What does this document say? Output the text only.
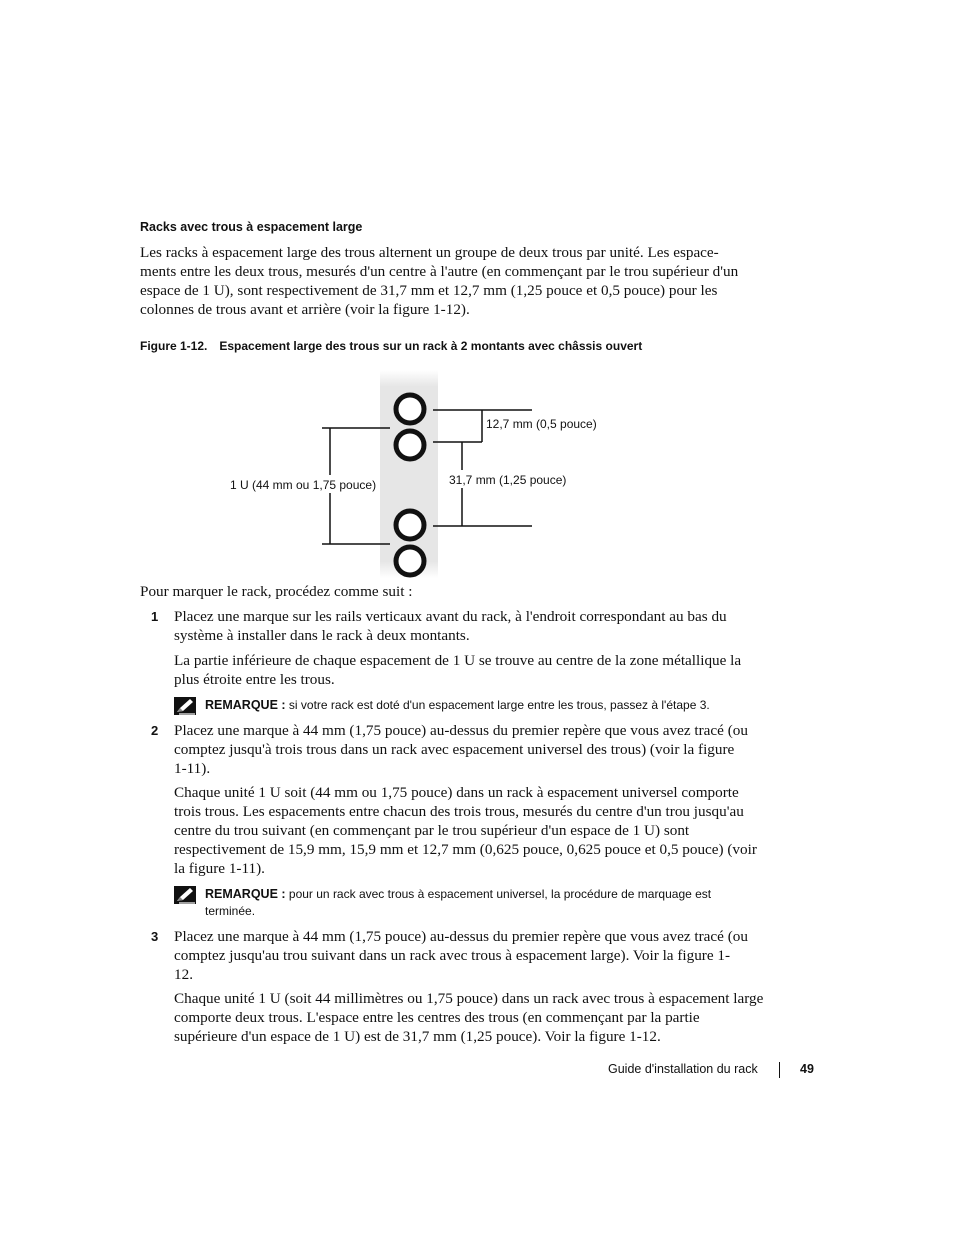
Racks avec trous à espacement large

Les racks à espacement large des trous alternent un groupe de deux trous par unité. Les espace-ments entre les deux trous, mesurés d'un centre à l'autre (en commençant par le trou supérieur d'un espace de 1 U), sont respectivement de 31,7 mm et 12,7 mm (1,25 pouce et 0,5 pouce) pour les colonnes de trous avant et arrière (voir la figure 1-12).

Figure 1-12. Espacement large des trous sur un rack à 2 montants avec châssis ouvert

12,7 mm (0,5 pouce)
31,7 mm (1,25 pouce)
1 U (44 mm ou 1,75 pouce)

Pour marquer le rack, procédez comme suit :

1 Placez une marque sur les rails verticaux avant du rack, à l'endroit correspondant au bas du système à installer dans le rack à deux montants.

La partie inférieure de chaque espacement de 1 U se trouve au centre de la zone métallique la plus étroite entre les trous.

REMARQUE : si votre rack est doté d'un espacement large entre les trous, passez à l'étape 3.
2 Placez une marque à 44 mm (1,75 pouce) au-dessus du premier repère que vous avez tracé (ou comptez jusqu'à trois trous dans un rack avec espacement universel des trous) (voir la figure 1-11).

Chaque unité 1 U soit (44 mm ou 1,75 pouce) dans un rack à espacement universel comporte trois trous. Les espacements entre chacun des trois trous, mesurés du centre d'un trou jusqu'au centre du trou suivant (en commençant par le trou supérieur d'un espace de 1 U) sont respectivement de 15,9 mm, 15,9 mm et 12,7 mm (0,625 pouce, 0,625 pouce et 0,5 pouce) (voir la figure 1-11).

REMARQUE : pour un rack avec trous à espacement universel, la procédure de marquage est terminée.
3 Placez une marque à 44 mm (1,75 pouce) au-dessus du premier repère que vous avez tracé (ou comptez jusqu'au trou suivant dans un rack avec trous à espacement large). Voir la figure 1-12.

Chaque unité 1 U (soit 44 millimètres ou 1,75 pouce) dans un rack avec trous à espacement large comporte deux trous. L'espace entre les centres des trous (en commençant par la partie supérieure d'un espace de 1 U) est de 31,7 mm (1,25 pouce). Voir la figure 1-12.

Guide d'installation du rack	49
